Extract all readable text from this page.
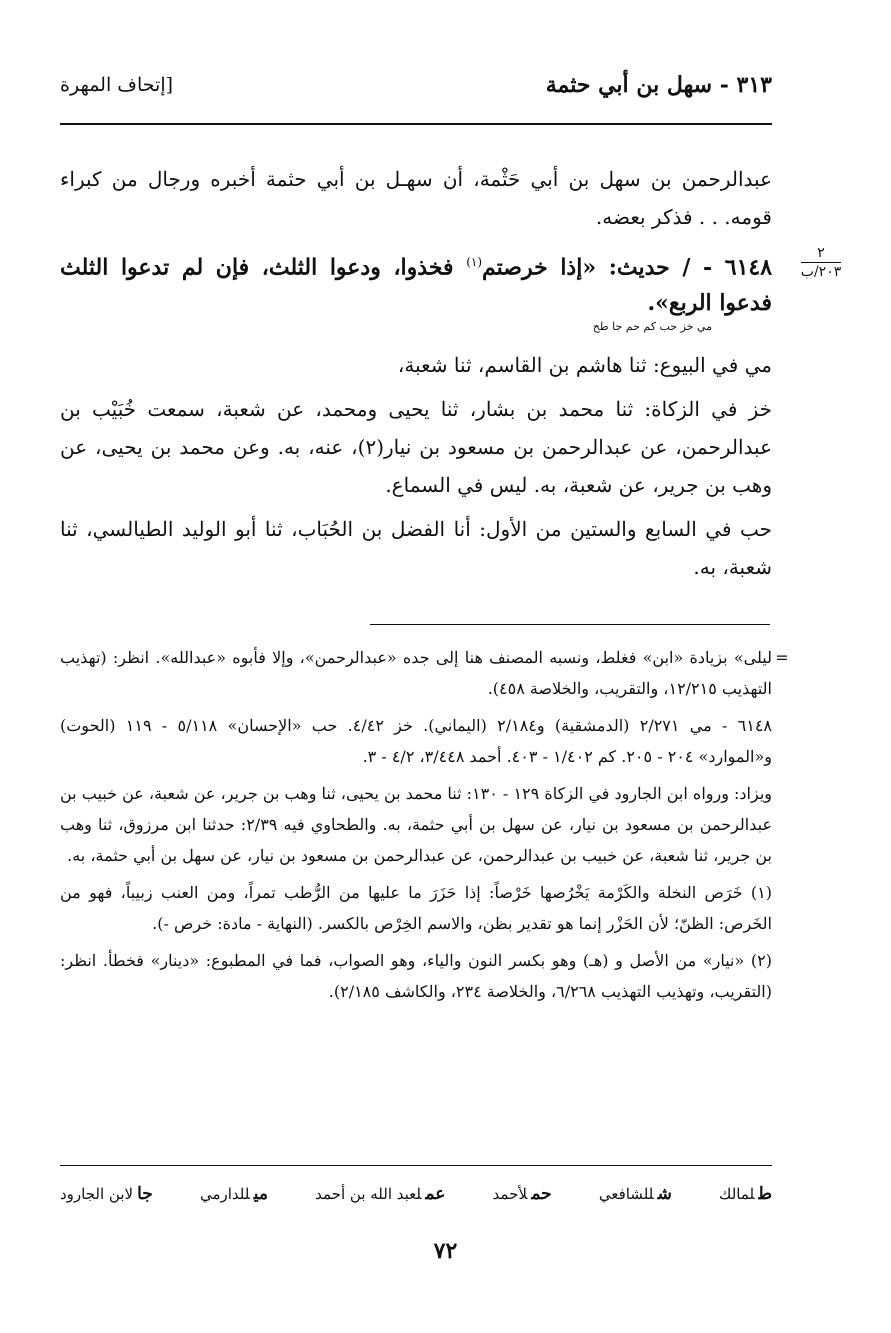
٣١٣ - سهل بن أبي حثمة
[إتحاف المهرة
عبدالرحمن بن سهل بن أبي حَثْمة، أن سهـل بن أبي حثمة أخبره ورجال من كبراء قومه. . . فذكر بعضه.
٢
٢٠٣/ب
٦١٤٨ - / حديث: «إذا خرصتم$^{(١)}$ فخذوا، ودعوا الثلث، فإن لم تدعوا الثلث فدعوا الربع».
مي خز حب كم حم جا طح
مي في البيوع: ثنا هاشم بن القاسم، ثنا شعبة،
خز في الزكاة: ثنا محمد بن بشار، ثنا يحيى ومحمد، عن شعبة، سمعت خُبَيْب بن عبدالرحمن، عن عبدالرحمن بن مسعود بن نيار(٢)، عنه، به. وعن محمد بن يحيى، عن وهب بن جرير، عن شعبة، به. ليس في السماع.
حب في السابع والستين من الأول: أنا الفضل بن الحُبَاب، ثنا أبو الوليد الطيالسي، ثنا شعبة، به.
=

ليلى» بزيادة «ابن» فغلط، ونسبه المصنف هنا إلى جده «عبدالرحمن»، وإلا فأبوه «عبدالله». انظر: (تهذيب التهذيب ١٢/٢١٥، والتقريب، والخلاصة ٤٥٨).

٦١٤٨ - مي ٢/٢٧١ (الدمشقية) و٢/١٨٤ (اليماني). خز ٤/٤٢. حب «الإحسان» ٥/١١٨ - ١١٩ (الحوت) و«الموارد» ٢٠٤ - ٢٠٥. كم ١/٤٠٢ - ٤٠٣. أحمد ٣/٤٤٨، ٤/٢ - ٣.

ويزاد: ورواه ابن الجارود في الزكاة ١٢٩ - ١٣٠: ثنا محمد بن يحيى، ثنا وهب بن جرير، عن شعبة، عن خبيب بن عبدالرحمن بن مسعود بن نيار، عن سهل بن أبي حثمة، به. والطحاوي فيه ٢/٣٩: حدثنا ابن مرزوق، ثنا وهب بن جرير، ثنا شعبة، عن خبيب بن عبدالرحمن، عن عبدالرحمن بن مسعود بن نيار، عن سهل بن أبي حثمة، به.

(١) خَرَص النخلة والكَرْمة يَخْرُصها خَرْصاً: إذا حَزَرَ ما عليها من الرُّطب تمراً، ومن العنب زبيباً، فهو من الخَرص: الظنّ؛ لأن الحَزْر إنما هو تقدير بظن، والاسم الخِرْص بالكسر. (النهاية - مادة: خرص -).

(٢) «نيار» من الأصل و (هـ) وهو بكسر النون والياء، وهو الصواب، فما في المطبوع: «دينار» فخطأ. انظر: (التقريب، وتهذيب التهذيب ٦/٢٦٨، والخلاصة ٢٣٤، والكاشف ٢/١٨٥).

طلمالك
شللشافعي
حملأحمد
عملعبد الله بن أحمد
ميللدارمي
جالابن الجارود
٧٢
